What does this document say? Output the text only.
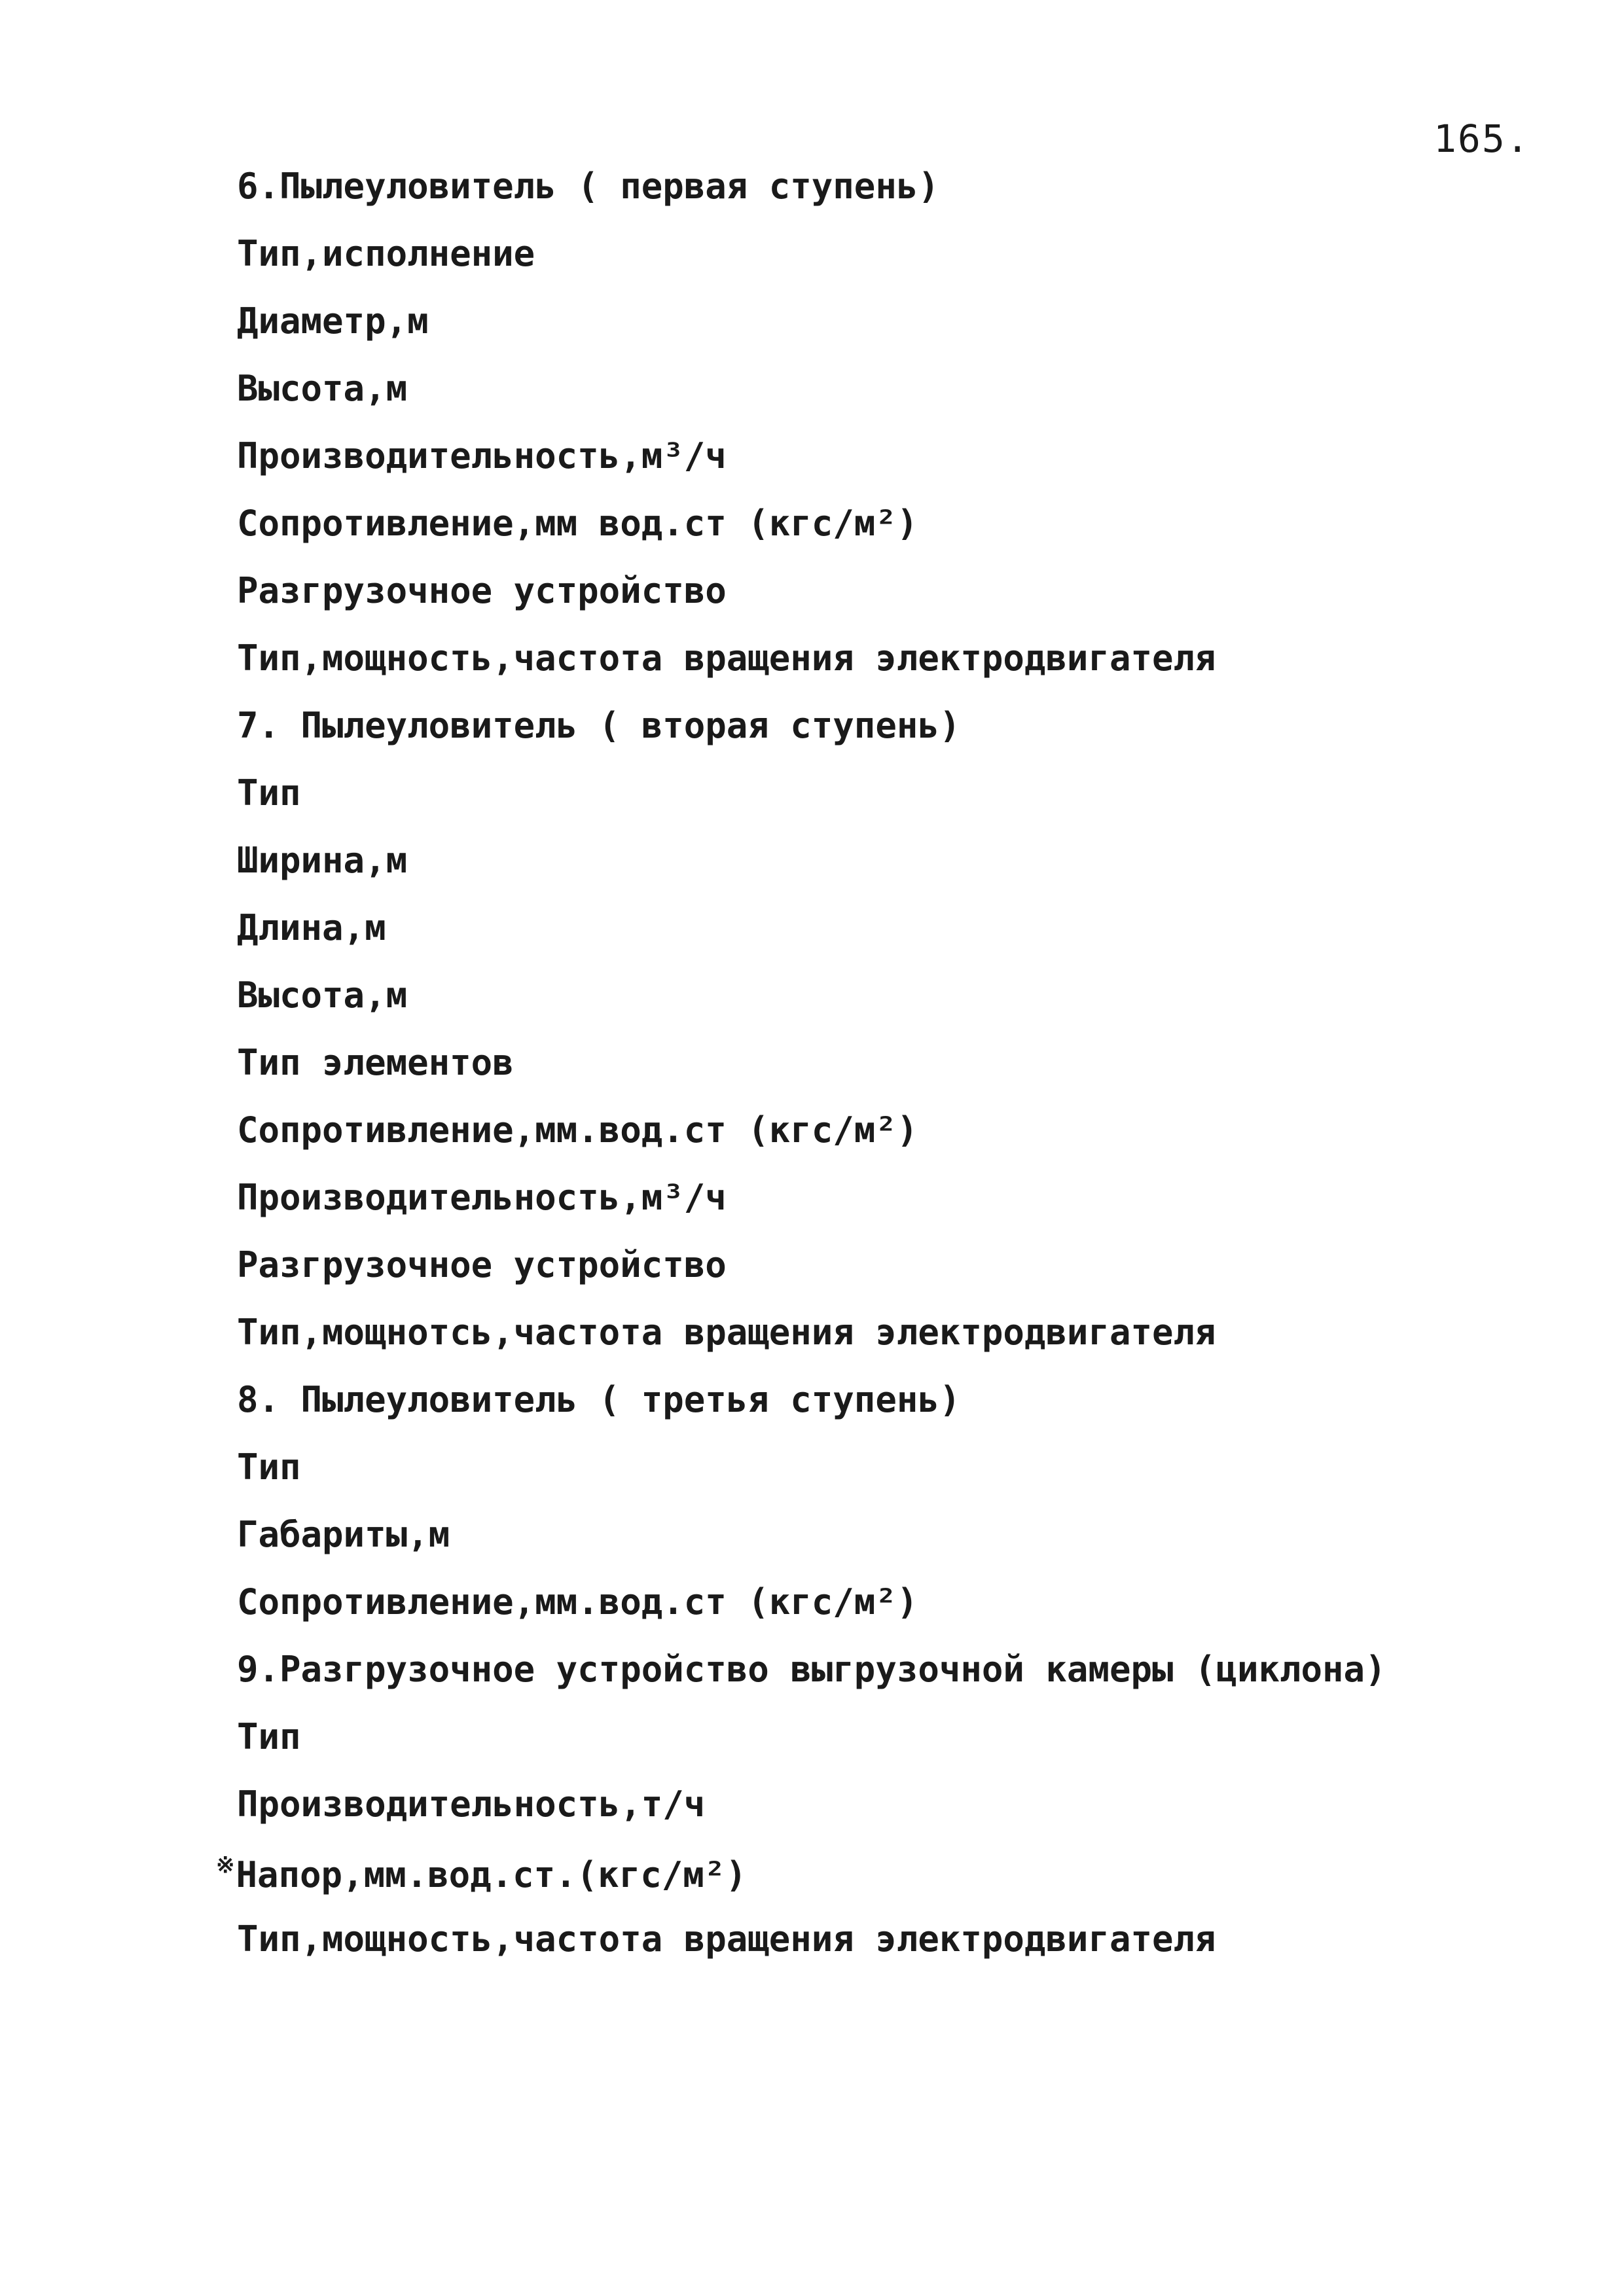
165.
6.Пылеуловитель ( первая ступень)
Тип,исполнение
Диаметр,м
Высота,м
Производительность,м³/ч
Сопротивление,мм вод.ст (кгс/м²)
Разгрузочное устройство
Тип,мощность,частота вращения электродвигателя
7. Пылеуловитель ( вторая ступень)
Тип
Ширина,м
Длина,м
Высота,м
Тип элементов
Сопротивление,мм.вод.ст (кгс/м²)
Производительность,м³/ч
Разгрузочное устройство
Тип,мощнотсь,частота вращения электродвигателя
8. Пылеуловитель ( третья ступень)
Тип
Габариты,м
Сопротивление,мм.вод.ст (кгс/м²)
9.Разгрузочное устройство выгрузочной камеры (циклона)
Тип
Производительность,т/ч
※Напор,мм.вод.ст.(кгс/м²)
Тип,мощность,частота вращения электродвигателя
